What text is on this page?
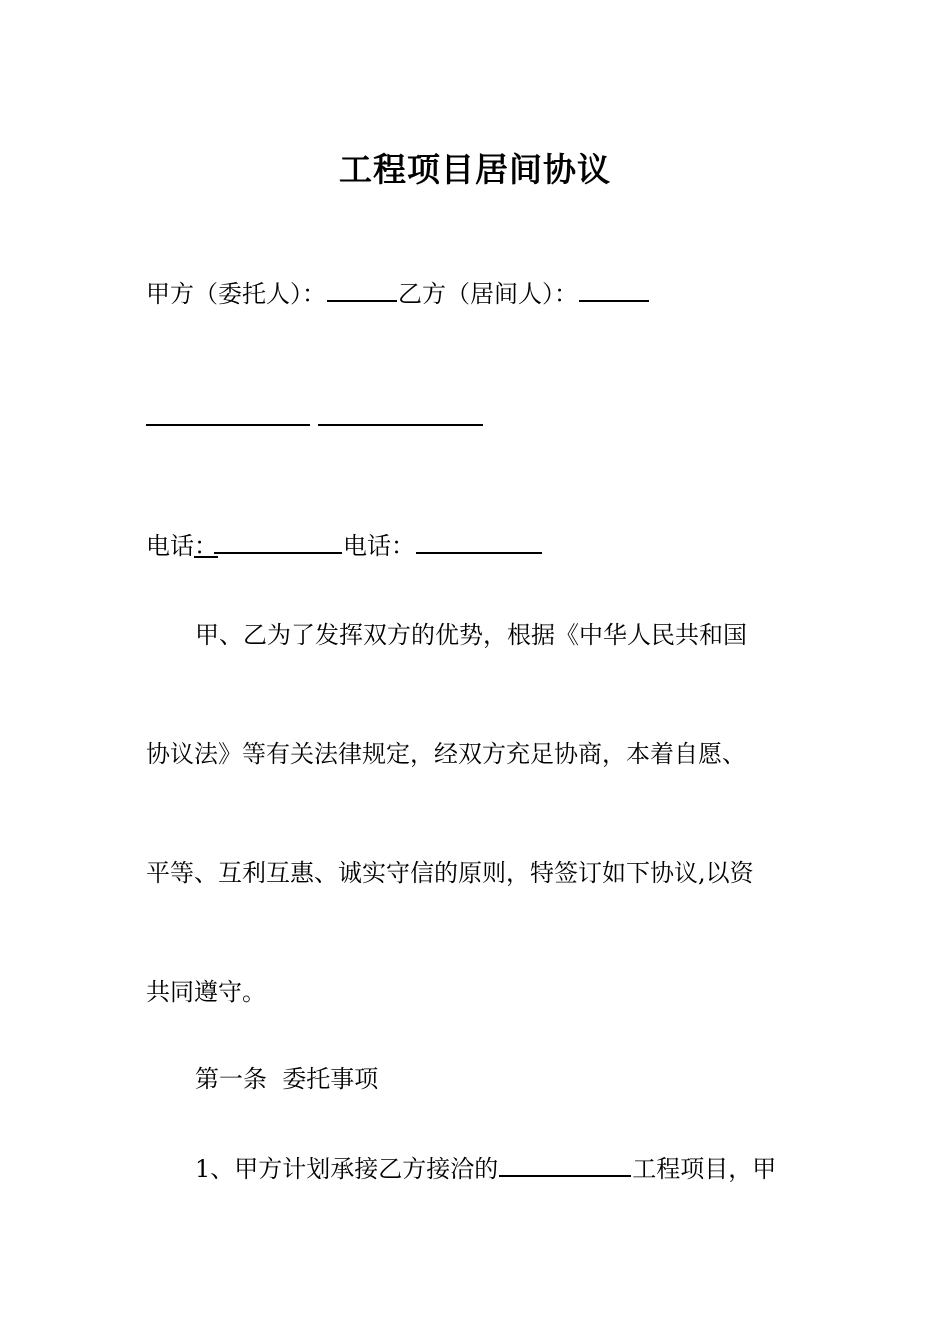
工程项目居间协议
甲方（委托人）：	乙方（居间人）：
电话：	电话：
甲、乙为了发挥双方的优势，根据《中华人民共和国
协议法》等有关法律规定，经双方充足协商，本着自愿、
平等、互利互惠、诚实守信的原则，特签订如下协议,以资
共同遵守。
第一条  委托事项
1、甲方计划承接乙方接洽的	工程项目，甲
